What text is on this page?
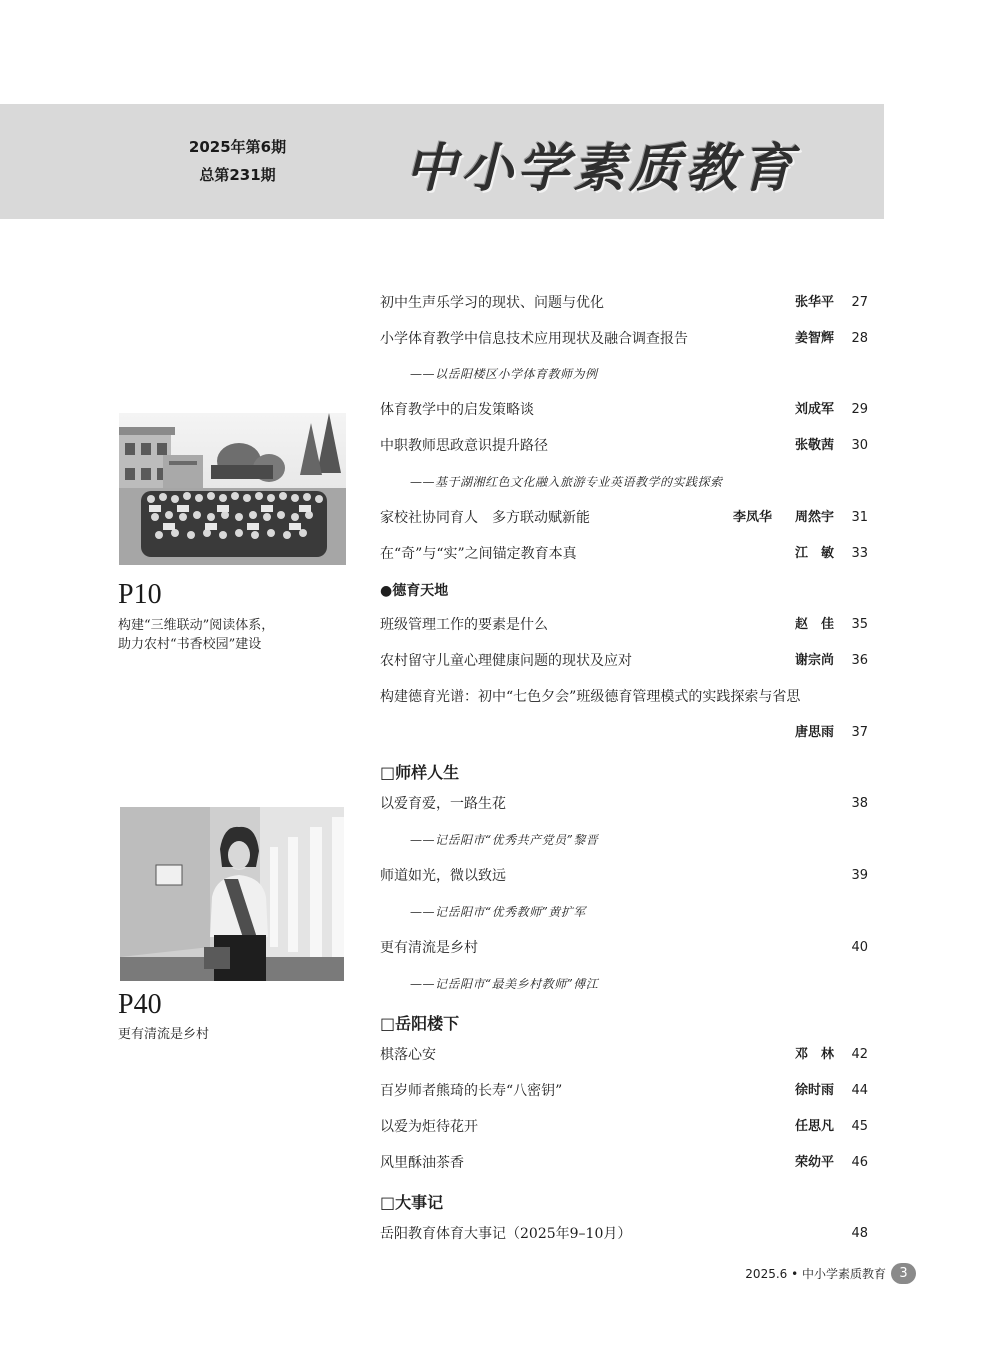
2025年第6期
总第231期	中小学素质教育
P10
构建“三维联动”阅读体系，
助力农村“书香校园”建设
P40
更有清流是乡村
初中生声乐学习的现状、问题与优化	张华平	27
小学体育教学中信息技术应用现状及融合调查报告	姜智辉	28
——以岳阳楼区小学体育教师为例
体育教学中的启发策略谈	刘成军	29
中职教师思政意识提升路径	张敬茜	30
——基于湖湘红色文化融入旅游专业英语教学的实践探索
家校社协同育人　多方联动赋新能	李凤华 周然宇	31
在“奇”与“实”之间锚定教育本真	江　敏	33
●德育天地
班级管理工作的要素是什么	赵　佳	35
农村留守儿童心理健康问题的现状及应对	谢宗尚	36
构建德育光谱：初中“七色夕会”班级德育管理模式的实践探索与省思
唐思雨	37
□师样人生
以爱育爱，一路生花	38
——记岳阳市“优秀共产党员”黎晋
师道如光，微以致远	39
——记岳阳市“优秀教师”黄扩军
更有清流是乡村	40
——记岳阳市“最美乡村教师”傅江
□岳阳楼下
棋落心安	邓　林	42
百岁师者熊琦的长寿“八密钥”	徐时雨	44
以爱为炬待花开	任思凡	45
风里酥油茶香	荣幼平	46
□大事记
岳阳教育体育大事记（2025年9–10月）	48
2025.6 • 中小学素质教育	3
